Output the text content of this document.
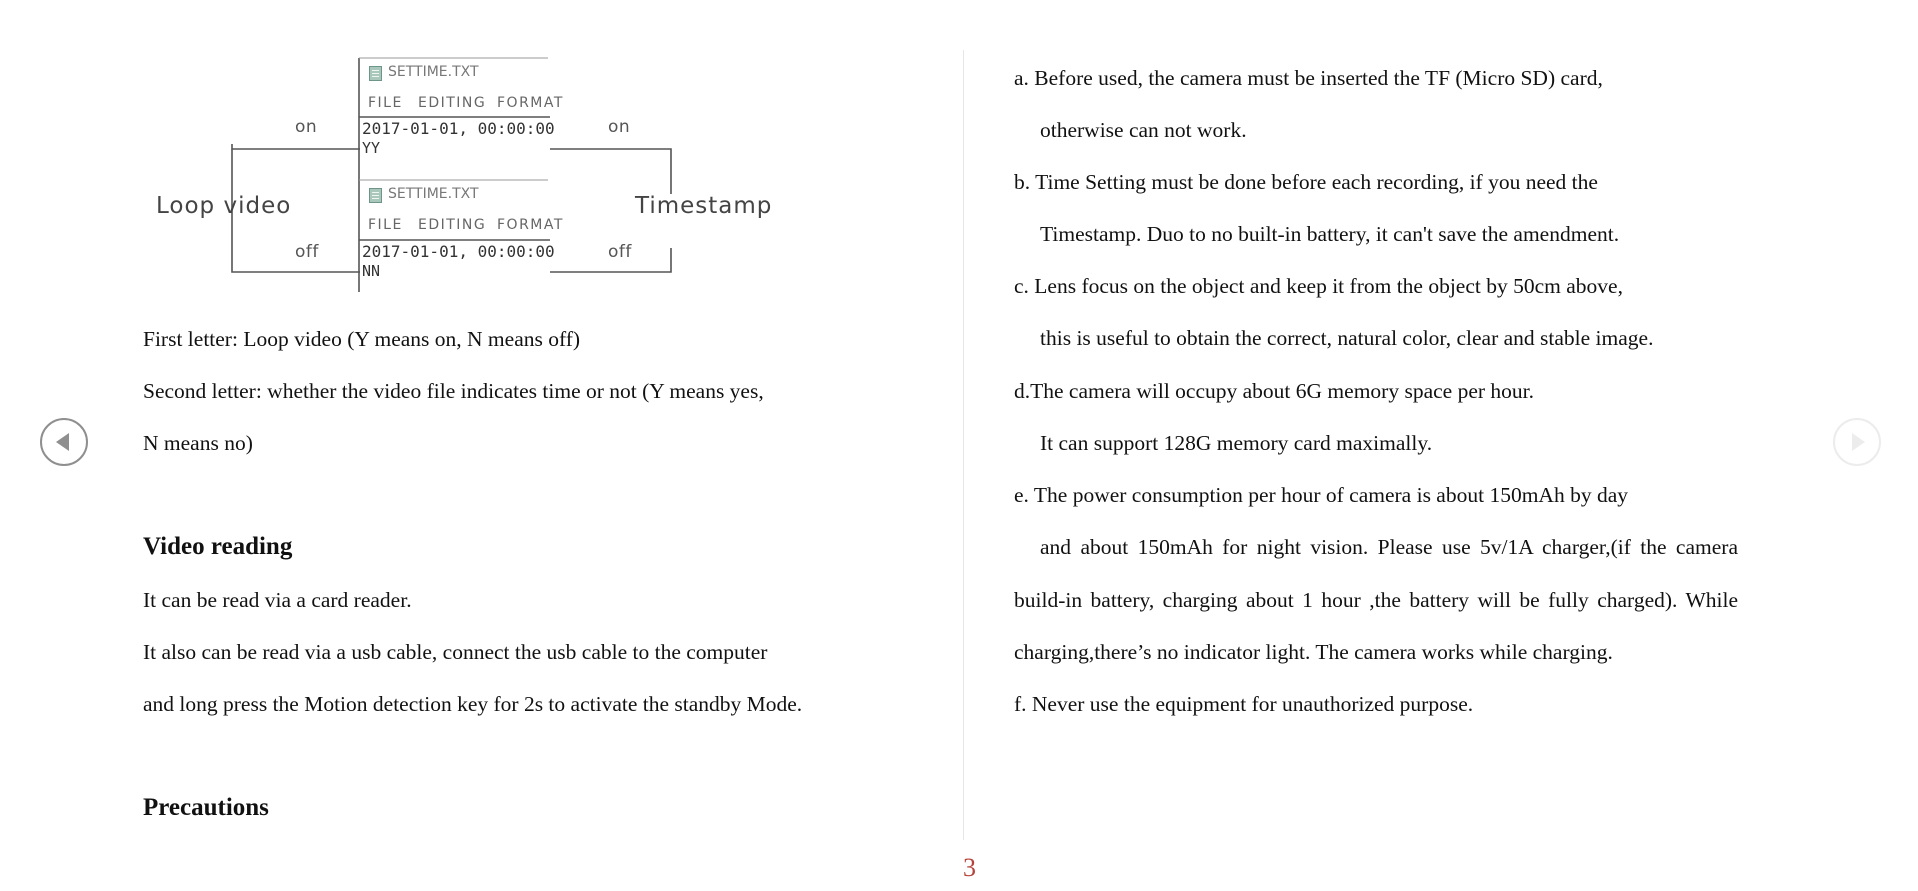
Loop video	Timestamp
on	on
off	off
SETTIME.TXT
FILE EDITING FORMAT
2017-01-01, 00:00:00
YY
SETTIME.TXT
FILE EDITING FORMAT
2017-01-01, 00:00:00
NN
First letter: Loop video (Y means on, N means off)
Second letter: whether the video file indicates time or not (Y means yes,
N means no)
Video reading
It can be read via a card reader.
It also can be read via a usb cable, connect the usb cable to the computer
and long press the Motion detection key for 2s to activate the standby Mode.
Precautions
a. Before used, the camera must be inserted the TF (Micro SD) card,
otherwise can not work.
b. Time Setting must be done before each recording, if you need the
Timestamp. Duo to no built-in battery, it can't save the amendment.
c. Lens focus on the object and keep it from the object by 50cm above,
this is useful to obtain the correct, natural color, clear and stable image.
d.The camera will occupy about 6G memory space per hour.
It can support 128G memory card maximally.
e. The power consumption per hour of camera is about 150mAh by day
and about 150mAh for night vision. Please use 5v/1A charger,(if the camera
build-in battery, charging about 1 hour ,the battery will be fully charged). While
charging,there’s no indicator light. The camera works while charging.
f. Never use the equipment for unauthorized purpose.
3
